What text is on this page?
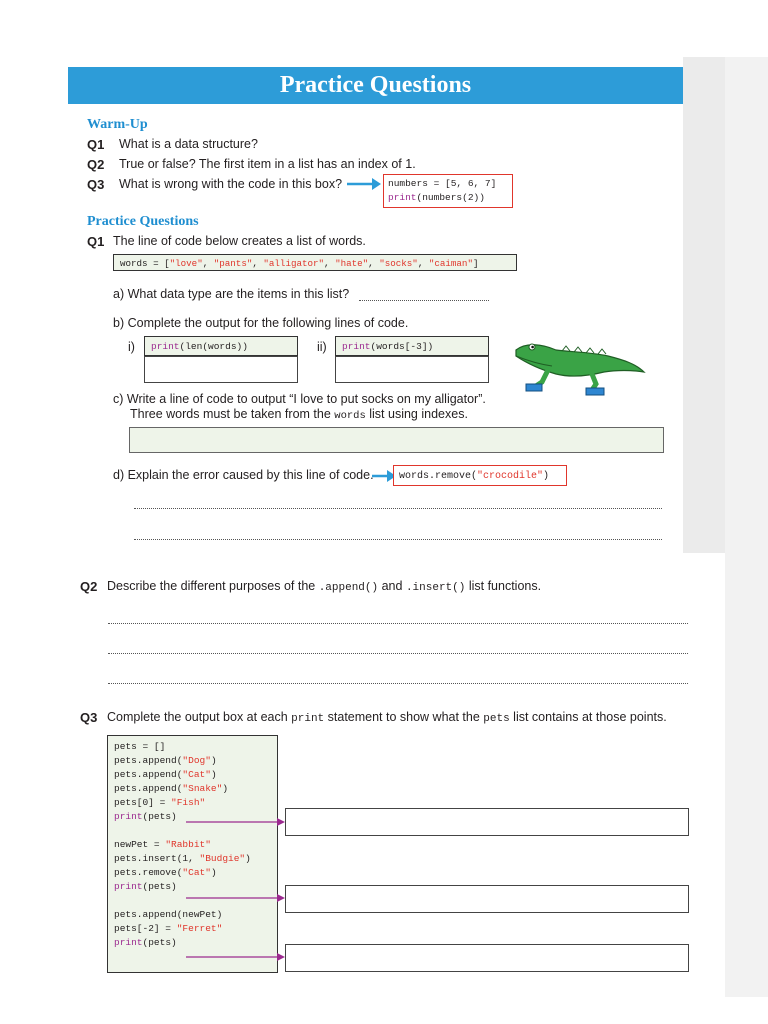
Practice Questions
Warm-Up
Q1 What is a data structure?
Q2 True or false? The first item in a list has an index of 1.
Q3 What is wrong with the code in this box?	numbers = [5, 6, 7]
print(numbers(2))
Practice Questions
Q1 The line of code below creates a list of words.
words = ["love", "pants", "alligator", "hate", "socks", "caiman"]
a) What data type are the items in this list?
b) Complete the output for the following lines of code.
i)	print(len(words))	ii)	print(words[-3])
c) Write a line of code to output “I love to put socks on my alligator”.
Three words must be taken from the words list using indexes.
d) Explain the error caused by this line of code.	words.remove("crocodile")
Q2 Describe the different purposes of the .append() and .insert() list functions.
Q3 Complete the output box at each print statement to show what the pets list contains at those points.
pets = []
pets.append("Dog")
pets.append("Cat")
pets.append("Snake")
pets[0] = "Fish"
print(pets)

newPet = "Rabbit"
pets.insert(1, "Budgie")
pets.remove("Cat")
print(pets)

pets.append(newPet)
pets[-2] = "Ferret"
print(pets)
